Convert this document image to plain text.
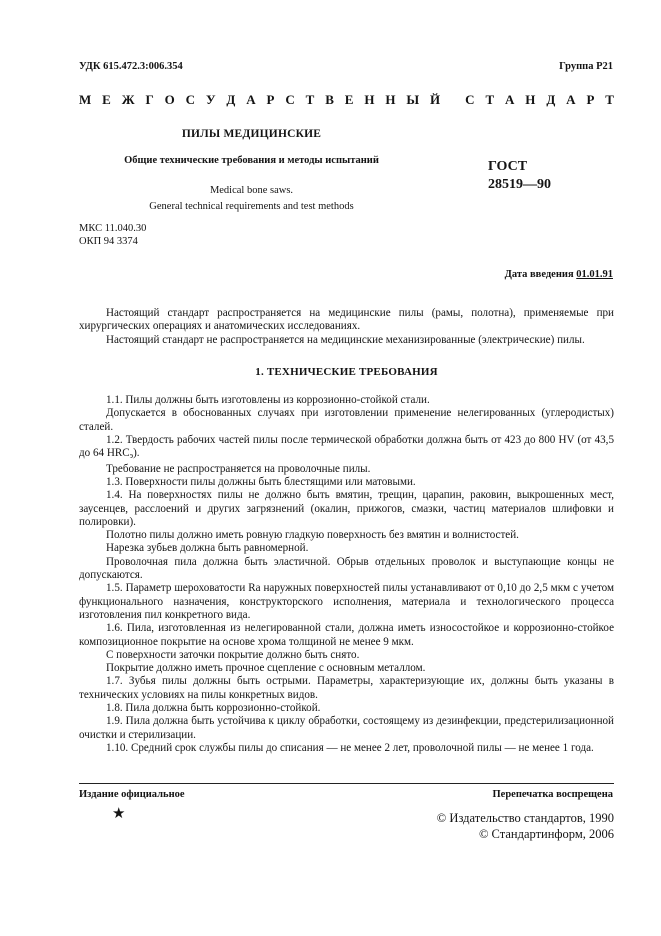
УДК 615.472.3:006.354	Группа Р21
М Е Ж Г О С У Д А Р С Т В Е Н Н Ы Й
С Т А Н Д А Р Т
ПИЛЫ МЕДИЦИНСКИЕ
Общие технические требования и методы испытаний
Medical bone saws.
General technical requirements and test methods
ГОСТ
28519—90
МКС 11.040.30
ОКП 94 3374
Дата введения 01.01.91

Настоящий стандарт распространяется на медицинские пилы (рамы, полотна), применяемые при хирургических операциях и анатомических исследованиях.

Настоящий стандарт не распространяется на медицинские механизированные (электрические) пилы.

1. ТЕХНИЧЕСКИЕ ТРЕБОВАНИЯ

1.1. Пилы должны быть изготовлены из коррозионно-стойкой стали.

Допускается в обоснованных случаях при изготовлении применение нелегированных (углеродистых) сталей.

1.2. Твердость рабочих частей пилы после термической обработки должна быть от 423 до 800 HV (от 43,5 до 64 $HRC_э$).

Требование не распространяется на проволочные пилы.

1.3. Поверхности пилы должны быть блестящими или матовыми.

1.4. На поверхностях пилы не должно быть вмятин, трещин, царапин, раковин, выкрошенных мест, заусенцев, расслоений и других загрязнений (окалин, прижогов, смазки, частиц материалов шлифовки и полировки).

Полотно пилы должно иметь ровную гладкую поверхность без вмятин и волнистостей.

Нарезка зубьев должна быть равномерной.

Проволочная пила должна быть эластичной. Обрыв отдельных проволок и выступающие концы не допускаются.

1.5. Параметр шероховатости Ra наружных поверхностей пилы устанавливают от 0,10 до 2,5 мкм с учетом функционального назначения, конструкторского исполнения, материала и технологического процесса изготовления пил конкретного вида.

1.6. Пила, изготовленная из нелегированной стали, должна иметь износостойкое и коррозионно-стойкое композиционное покрытие на основе хрома толщиной не менее 9 мкм.

С поверхности заточки покрытие должно быть снято.

Покрытие должно иметь прочное сцепление с основным металлом.

1.7. Зубья пилы должны быть острыми. Параметры, характеризующие их, должны быть указаны в технических условиях на пилы конкретных видов.

1.8. Пила должна быть коррозионно-стойкой.

1.9. Пила должна быть устойчива к циклу обработки, состоящему из дезинфекции, предстерилизационной очистки и стерилизации.

1.10. Средний срок службы пилы до списания — не менее 2 лет, проволочной пилы — не менее 1 года.

Издание официальное	Перепечатка воспрещена
★	© Издательство стандартов, 1990
© Стандартинформ, 2006
